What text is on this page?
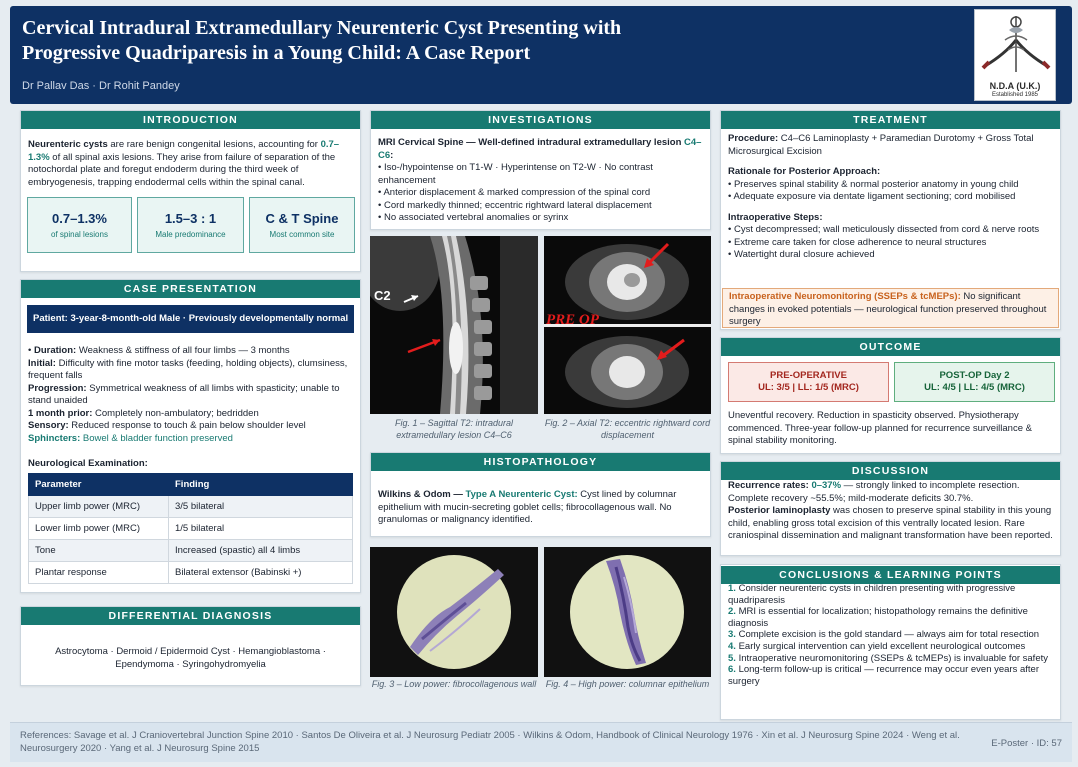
Cervical Intradural Extramedullary Neurenteric Cyst Presenting with
Progressive Quadriparesis in a Young Child: A Case Report
Dr Pallav Das · Dr Rohit Pandey	N.D.A (U.K.)
Established 1985
INTRODUCTION
Neurenteric cysts are rare benign congenital lesions, accounting for 0.7–1.3% of all spinal axis lesions. They arise from failure of separation of the notochordal plate and foregut endoderm during the third week of embryogenesis, trapping endodermal cells within the spinal canal.
0.7–1.3%
of spinal lesions
1.5–3 : 1
Male predominance
C & T Spine
Most common site
CASE PRESENTATION
Patient: 3-year-8-month-old Male · Previously developmentally normal
• Duration: Weakness & stiffness of all four limbs — 3 months
Initial: Difficulty with fine motor tasks (feeding, holding objects), clumsiness, frequent falls
Progression: Symmetrical weakness of all limbs with spasticity; unable to stand unaided
1 month prior: Completely non-ambulatory; bedridden
Sensory: Reduced response to touch & pain below shoulder level
Sphincters: Bowel & bladder function preserved
Neurological Examination:
Parameter	Finding
Upper limb power (MRC)	3/5 bilateral
Lower limb power (MRC)	1/5 bilateral
Tone	Increased (spastic) all 4 limbs
Plantar response	Bilateral extensor (Babinski +)
DIFFERENTIAL DIAGNOSIS
Astrocytoma · Dermoid / Epidermoid Cyst · Hemangioblastoma ·
Ependymoma · Syringohydromyelia
INVESTIGATIONS
MRI Cervical Spine — Well-defined intradural extramedullary lesion C4–C6:
• Iso-/hypointense on T1-W · Hyperintense on T2-W · No contrast enhancement
• Anterior displacement & marked compression of the spinal cord
• Cord markedly thinned; eccentric rightward lateral displacement
• No associated vertebral anomalies or syrinx
C2
Fig. 1 – Sagittal T2: intradural extramedullary lesion C4–C6
PRE OP
Fig. 2 – Axial T2: eccentric rightward cord displacement
HISTOPATHOLOGY
Wilkins & Odom — Type A Neurenteric Cyst: Cyst lined by columnar epithelium with mucin-secreting goblet cells; fibrocollagenous wall. No granulomas or malignancy identified.
Fig. 3 – Low power: fibrocollagenous wall Fig. 4 – High power: columnar epithelium
TREATMENT
Procedure: C4–C6 Laminoplasty + Paramedian Durotomy + Gross Total Microsurgical Excision
Rationale for Posterior Approach:
• Preserves spinal stability & normal posterior anatomy in young child
• Adequate exposure via dentate ligament sectioning; cord mobilised
Intraoperative Steps:
• Cyst decompressed; wall meticulously dissected from cord & nerve roots
• Extreme care taken for close adherence to neural structures
• Watertight dural closure achieved
Intraoperative Neuromonitoring (SSEPs & tcMEPs): No significant changes in evoked potentials — neurological function preserved throughout surgery
OUTCOME
PRE-OPERATIVE
UL: 3/5 | LL: 1/5 (MRC)
POST-OP Day 2
UL: 4/5 | LL: 4/5 (MRC)
Uneventful recovery. Reduction in spasticity observed. Physiotherapy commenced. Three-year follow-up planned for recurrence surveillance & spinal stability monitoring.
DISCUSSION
Recurrence rates: 0–37% — strongly linked to incomplete resection. Complete recovery ~55.5%; mild-moderate deficits 30.7%.
Posterior laminoplasty was chosen to preserve spinal stability in this young child, enabling gross total excision of this ventrally located lesion. Rare craniospinal dissemination and malignant transformation have been reported.
CONCLUSIONS & LEARNING POINTS
1. Consider neurenteric cysts in children presenting with progressive quadriparesis
2. MRI is essential for localization; histopathology remains the definitive diagnosis
3. Complete excision is the gold standard — always aim for total resection
4. Early surgical intervention can yield excellent neurological outcomes
5. Intraoperative neuromonitoring (SSEPs & tcMEPs) is invaluable for safety
6. Long-term follow-up is critical — recurrence may occur even years after surgery
References: Savage et al. J Craniovertebral Junction Spine 2010 · Santos De Oliveira et al. J Neurosurg Pediatr 2005 · Wilkins & Odom, Handbook of Clinical Neurology 1976 · Xin et al. J Neurosurg Spine 2024 · Weng et al. Neurosurgery 2020 · Yang et al. J Neurosurg Spine 2015	E-Poster · ID: 57
